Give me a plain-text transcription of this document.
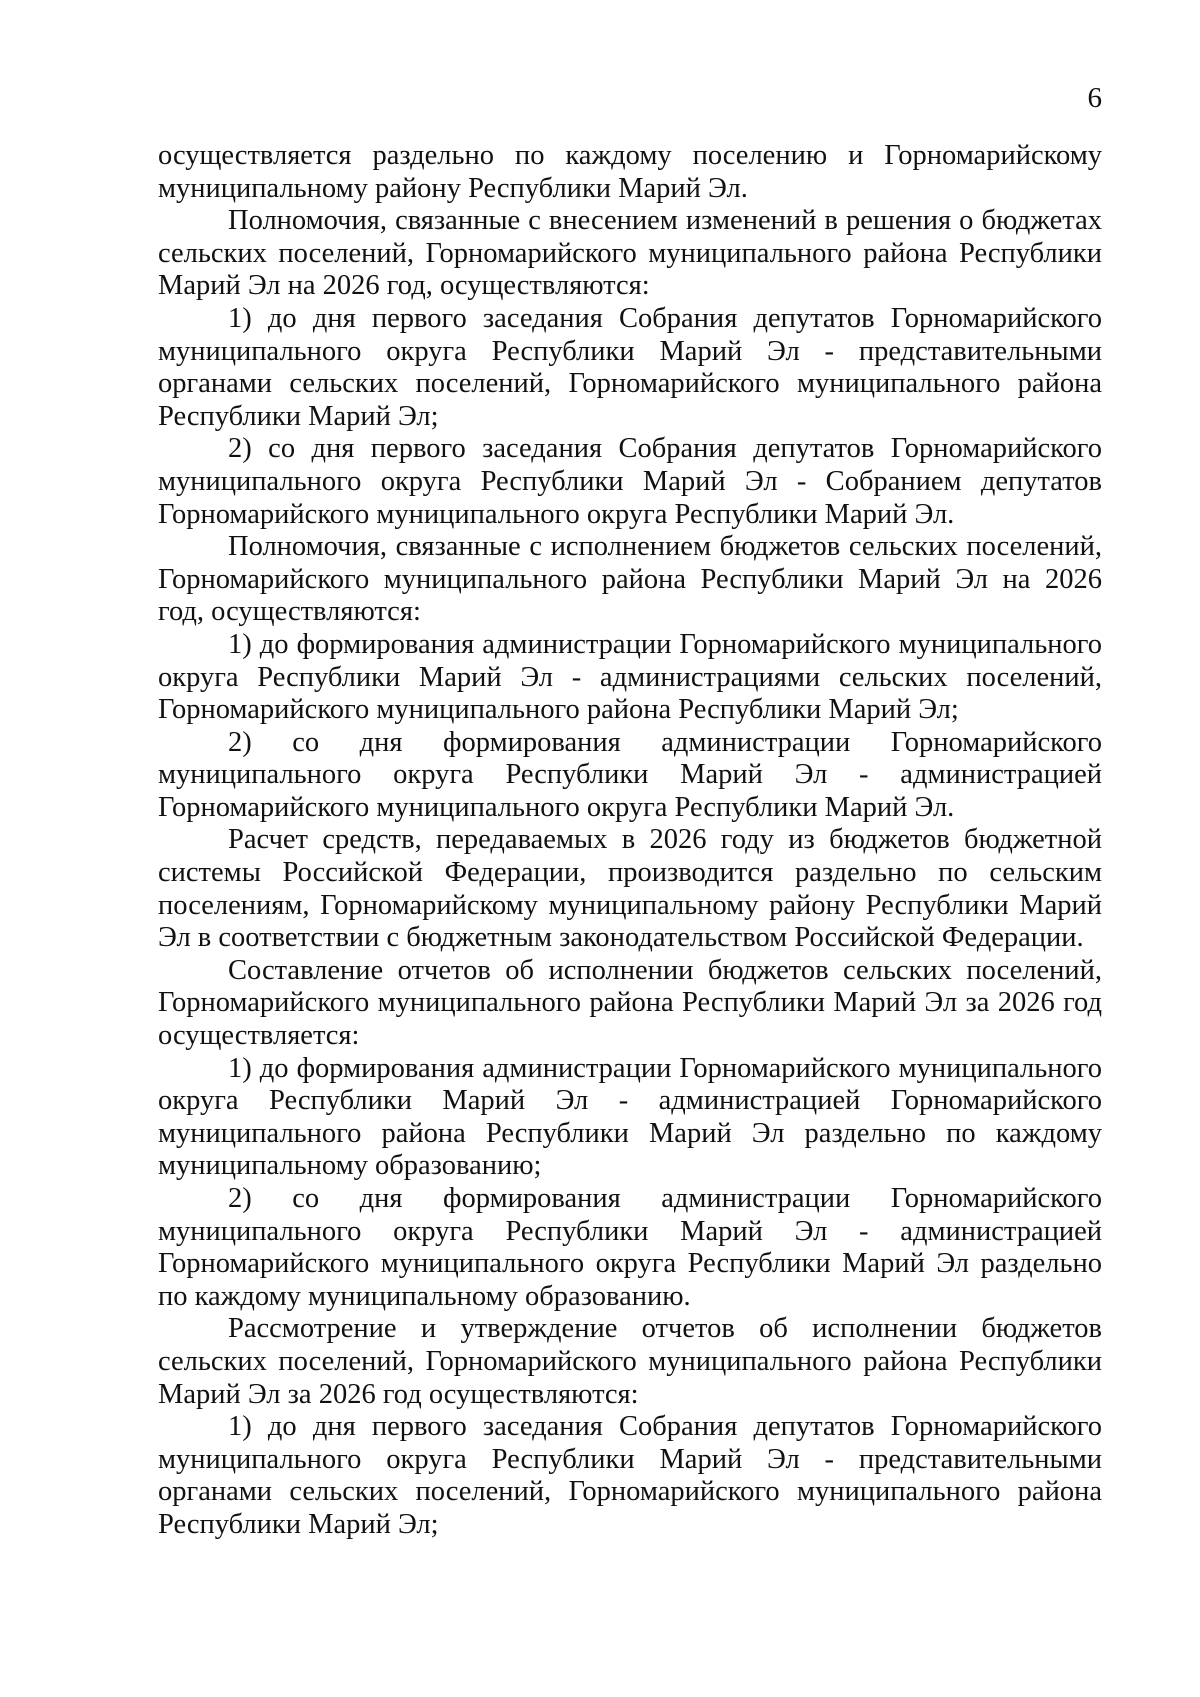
6

осуществляется раздельно по каждому поселению и Горномарийскому муниципальному району Республики Марий Эл.

Полномочия, связанные с внесением изменений в решения о бюджетах сельских поселений, Горномарийского муниципального района Республики Марий Эл на 2026 год, осуществляются:

1) до дня первого заседания Собрания депутатов Горномарийского муниципального округа Республики Марий Эл - представительными органами сельских поселений, Горномарийского муниципального района Республики Марий Эл;

2) со дня первого заседания Собрания депутатов Горномарийского муниципального округа Республики Марий Эл - Собранием депутатов Горномарийского муниципального округа Республики Марий Эл.

Полномочия, связанные с исполнением бюджетов сельских поселений, Горномарийского муниципального района Республики Марий Эл на 2026 год, осуществляются:

1) до формирования администрации Горномарийского муниципального округа Республики Марий Эл - администрациями сельских поселений, Горномарийского муниципального района Республики Марий Эл;

2) со дня формирования администрации Горномарийского муниципального округа Республики Марий Эл - администрацией Горномарийского муниципального округа Республики Марий Эл.

Расчет средств, передаваемых в 2026 году из бюджетов бюджетной системы Российской Федерации, производится раздельно по сельским поселениям, Горномарийскому муниципальному району Республики Марий Эл в соответствии с бюджетным законодательством Российской Федерации.

Составление отчетов об исполнении бюджетов сельских поселений, Горномарийского муниципального района Республики Марий Эл за 2026 год осуществляется:

1) до формирования администрации Горномарийского муниципального округа Республики Марий Эл - администрацией Горномарийского муниципального района Республики Марий Эл раздельно по каждому муниципальному образованию;

2) со дня формирования администрации Горномарийского муниципального округа Республики Марий Эл - администрацией Горномарийского муниципального округа Республики Марий Эл раздельно по каждому муниципальному образованию.

Рассмотрение и утверждение отчетов об исполнении бюджетов сельских поселений, Горномарийского муниципального района Республики Марий Эл за 2026 год осуществляются:

1) до дня первого заседания Собрания депутатов Горномарийского муниципального округа Республики Марий Эл - представительными органами сельских поселений, Горномарийского муниципального района Республики Марий Эл;
